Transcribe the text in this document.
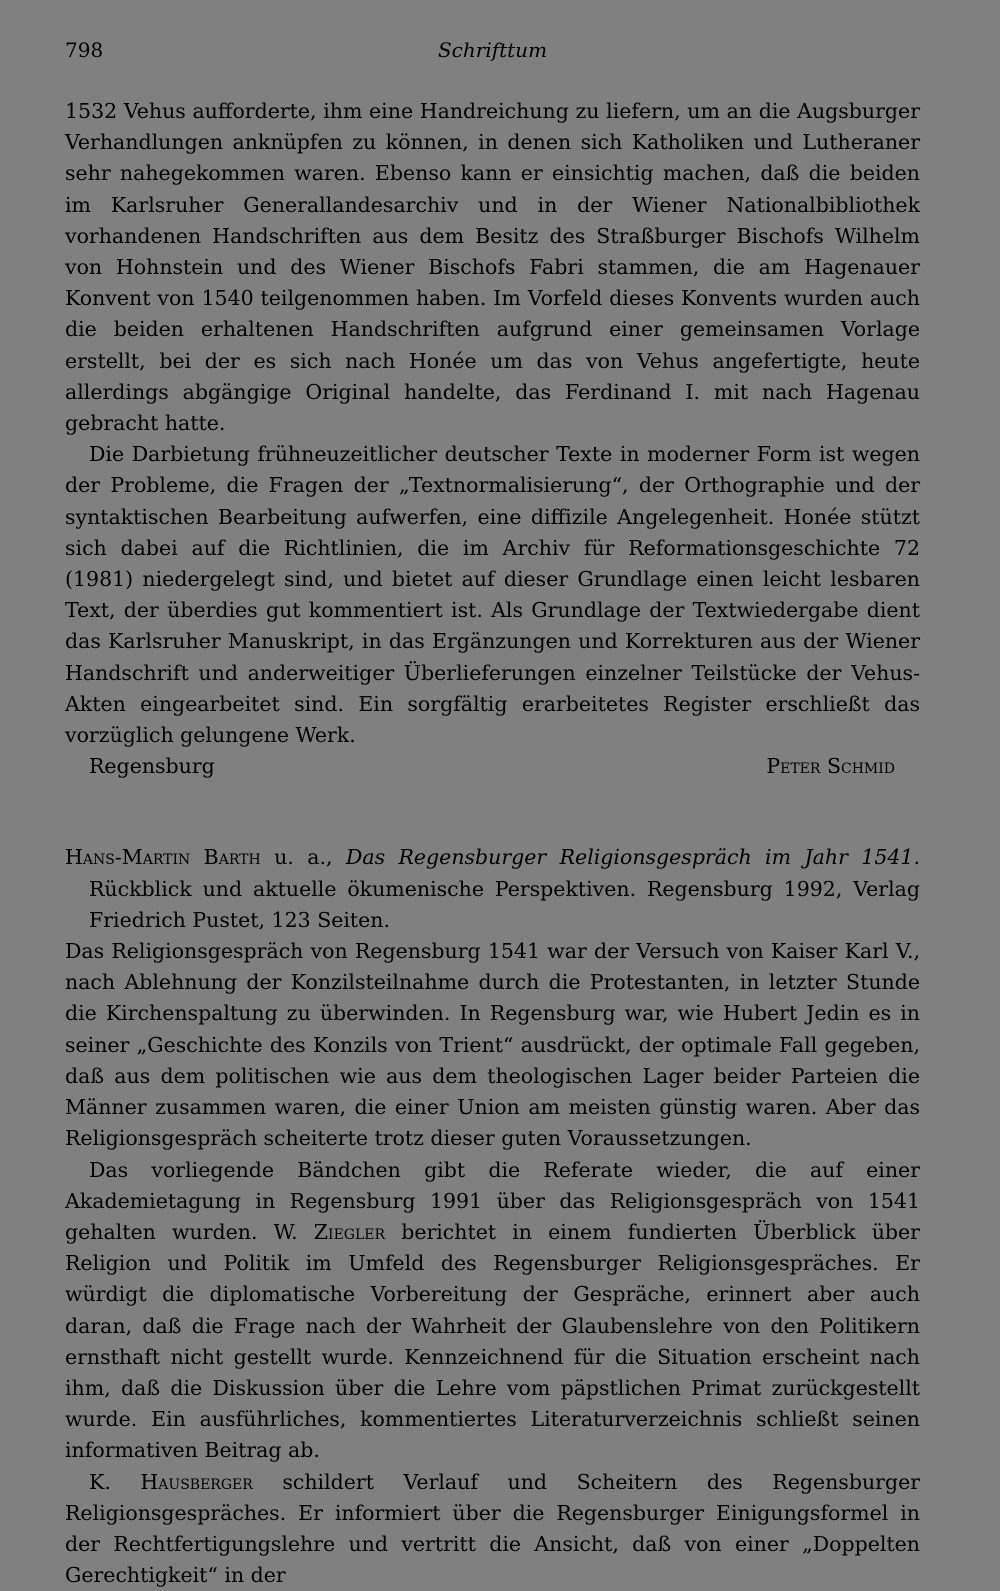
798	Schrifttum

1532 Vehus aufforderte, ihm eine Handreichung zu liefern, um an die Augsburger Verhandlungen anknüpfen zu können, in denen sich Katholiken und Lutheraner sehr nahegekommen waren. Ebenso kann er einsichtig machen, daß die beiden im Karlsruher Generallandesarchiv und in der Wiener Nationalbibliothek vorhandenen Handschriften aus dem Besitz des Straßburger Bischofs Wilhelm von Hohnstein und des Wiener Bischofs Fabri stammen, die am Hagenauer Konvent von 1540 teilgenommen haben. Im Vorfeld dieses Konvents wurden auch die beiden erhaltenen Handschriften aufgrund einer gemeinsamen Vorlage erstellt, bei der es sich nach Honée um das von Vehus angefertigte, heute allerdings abgängige Original handelte, das Ferdinand I. mit nach Hagenau gebracht hatte.

Die Darbietung frühneuzeitlicher deutscher Texte in moderner Form ist wegen der Probleme, die Fragen der „Textnormalisierung“, der Orthographie und der syntaktischen Bearbeitung aufwerfen, eine diffizile Angelegenheit. Honée stützt sich dabei auf die Richtlinien, die im Archiv für Reformationsgeschichte 72 (1981) niedergelegt sind, und bietet auf dieser Grundlage einen leicht lesbaren Text, der überdies gut kommentiert ist. Als Grundlage der Textwiedergabe dient das Karlsruher Manuskript, in das Ergänzungen und Korrekturen aus der Wiener Handschrift und anderweitiger Überlieferungen einzelner Teilstücke der Vehus-Akten eingearbeitet sind. Ein sorgfältig erarbeitetes Register erschließt das vorzüglich gelungene Werk.

Regensburg	Peter Schmid

Hans-Martin Barth u. a., Das Regensburger Religionsgespräch im Jahr 1541. Rückblick und aktuelle ökumenische Perspektiven. Regensburg 1992, Verlag Friedrich Pustet, 123 Seiten.

Das Religionsgespräch von Regensburg 1541 war der Versuch von Kaiser Karl V., nach Ablehnung der Konzilsteilnahme durch die Protestanten, in letzter Stunde die Kirchenspaltung zu überwinden. In Regensburg war, wie Hubert Jedin es in seiner „Geschichte des Konzils von Trient“ ausdrückt, der optimale Fall gegeben, daß aus dem politischen wie aus dem theologischen Lager beider Parteien die Männer zusammen waren, die einer Union am meisten günstig waren. Aber das Religionsgespräch scheiterte trotz dieser guten Voraussetzungen.

Das vorliegende Bändchen gibt die Referate wieder, die auf einer Akademietagung in Regensburg 1991 über das Religionsgespräch von 1541 gehalten wurden. W. Ziegler berichtet in einem fundierten Überblick über Religion und Politik im Umfeld des Regensburger Religionsgespräches. Er würdigt die diplomatische Vorbereitung der Gespräche, erinnert aber auch daran, daß die Frage nach der Wahrheit der Glaubenslehre von den Politikern ernsthaft nicht gestellt wurde. Kennzeichnend für die Situation erscheint nach ihm, daß die Diskussion über die Lehre vom päpstlichen Primat zurückgestellt wurde. Ein ausführliches, kommentiertes Literaturverzeichnis schließt seinen informativen Beitrag ab.

K. Hausberger schildert Verlauf und Scheitern des Regensburger Religionsgespräches. Er informiert über die Regensburger Einigungsformel in der Rechtfertigungslehre und vertritt die Ansicht, daß von einer „Doppelten Gerechtigkeit“ in der
